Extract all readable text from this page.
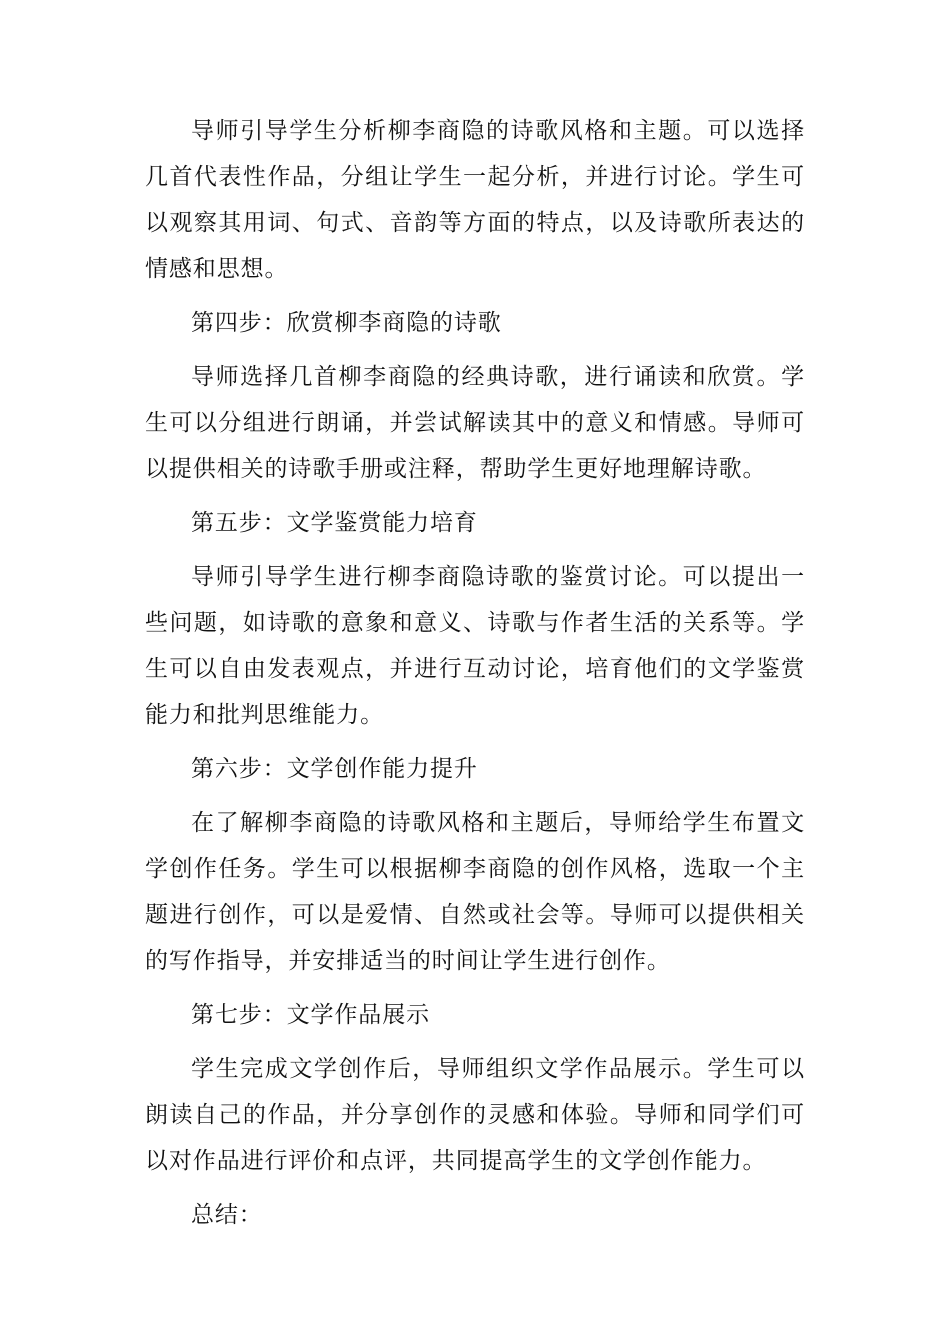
导师引导学生分析柳李商隐的诗歌风格和主题。可以选择几首代表性作品，分组让学生一起分析，并进行讨论。学生可以观察其用词、句式、音韵等方面的特点，以及诗歌所表达的情感和思想。

第四步：欣赏柳李商隐的诗歌

导师选择几首柳李商隐的经典诗歌，进行诵读和欣赏。学生可以分组进行朗诵，并尝试解读其中的意义和情感。导师可以提供相关的诗歌手册或注释，帮助学生更好地理解诗歌。

第五步：文学鉴赏能力培育

导师引导学生进行柳李商隐诗歌的鉴赏讨论。可以提出一些问题，如诗歌的意象和意义、诗歌与作者生活的关系等。学生可以自由发表观点，并进行互动讨论，培育他们的文学鉴赏能力和批判思维能力。

第六步：文学创作能力提升

在了解柳李商隐的诗歌风格和主题后，导师给学生布置文学创作任务。学生可以根据柳李商隐的创作风格，选取一个主题进行创作，可以是爱情、自然或社会等。导师可以提供相关的写作指导，并安排适当的时间让学生进行创作。

第七步：文学作品展示

学生完成文学创作后，导师组织文学作品展示。学生可以朗读自己的作品，并分享创作的灵感和体验。导师和同学们可以对作品进行评价和点评，共同提高学生的文学创作能力。

总结：
